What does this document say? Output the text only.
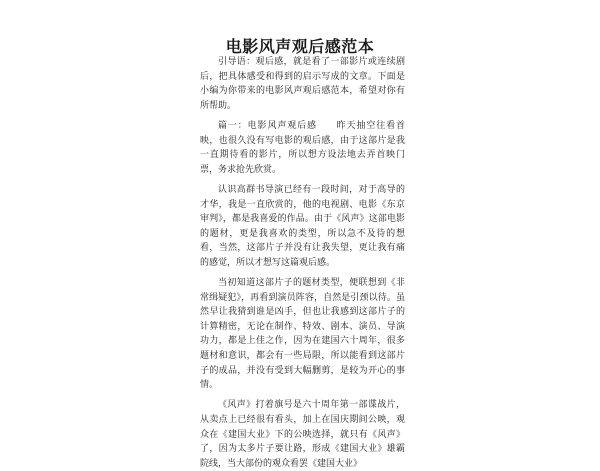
电影风声观后感范本

引导语：观后感，就是看了一部影片或连续剧后，把具体感受和得到的启示写成的文章。下面是小编为你带来的电影风声观后感范本，希望对你有所帮助。

篇一：电影风声观后感　　昨天抽空往看首映，也很久没有写电影的观后感，由于这部片是我一直期待看的影片，所以想方设法地去弄首映门票，务求抢先欣赏。

认识高群书导演已经有一段时间，对于高导的才华，我是一直欣赏的，他的电视剧、电影《东京审判》，都是我喜爱的作品。由于《风声》这部电影的题材，更是我喜欢的类型，所以急不及待的想看，当然，这部片子并没有让我失望，更让我有痛的感觉，所以才想写这篇观后感。

当初知道这部片子的题材类型，便联想到《非常缉疑犯》，再看到演员阵容，自然是引颈以待。虽然早让我猜到谁是凶手，但也让我感到这部片子的计算精密，无论在制作、特效、剧本、演员、导演功力，都是上佳之作，因为在建国六十周年，很多题材和意识，都会有一些局限，所以能看到这部片子的成品，并没有受到大幅删剪，是较为开心的事情。

《风声》打着旗号是六十周年第一部谍战片，从卖点上已经很有看头，加上在国庆期间公映，观众在《建国大业》下的公映选择，就只有《风声》了，因为太多片子要让路，形成《建国大业》雄霸院线，当大部份的观众看罢《建国大业》
